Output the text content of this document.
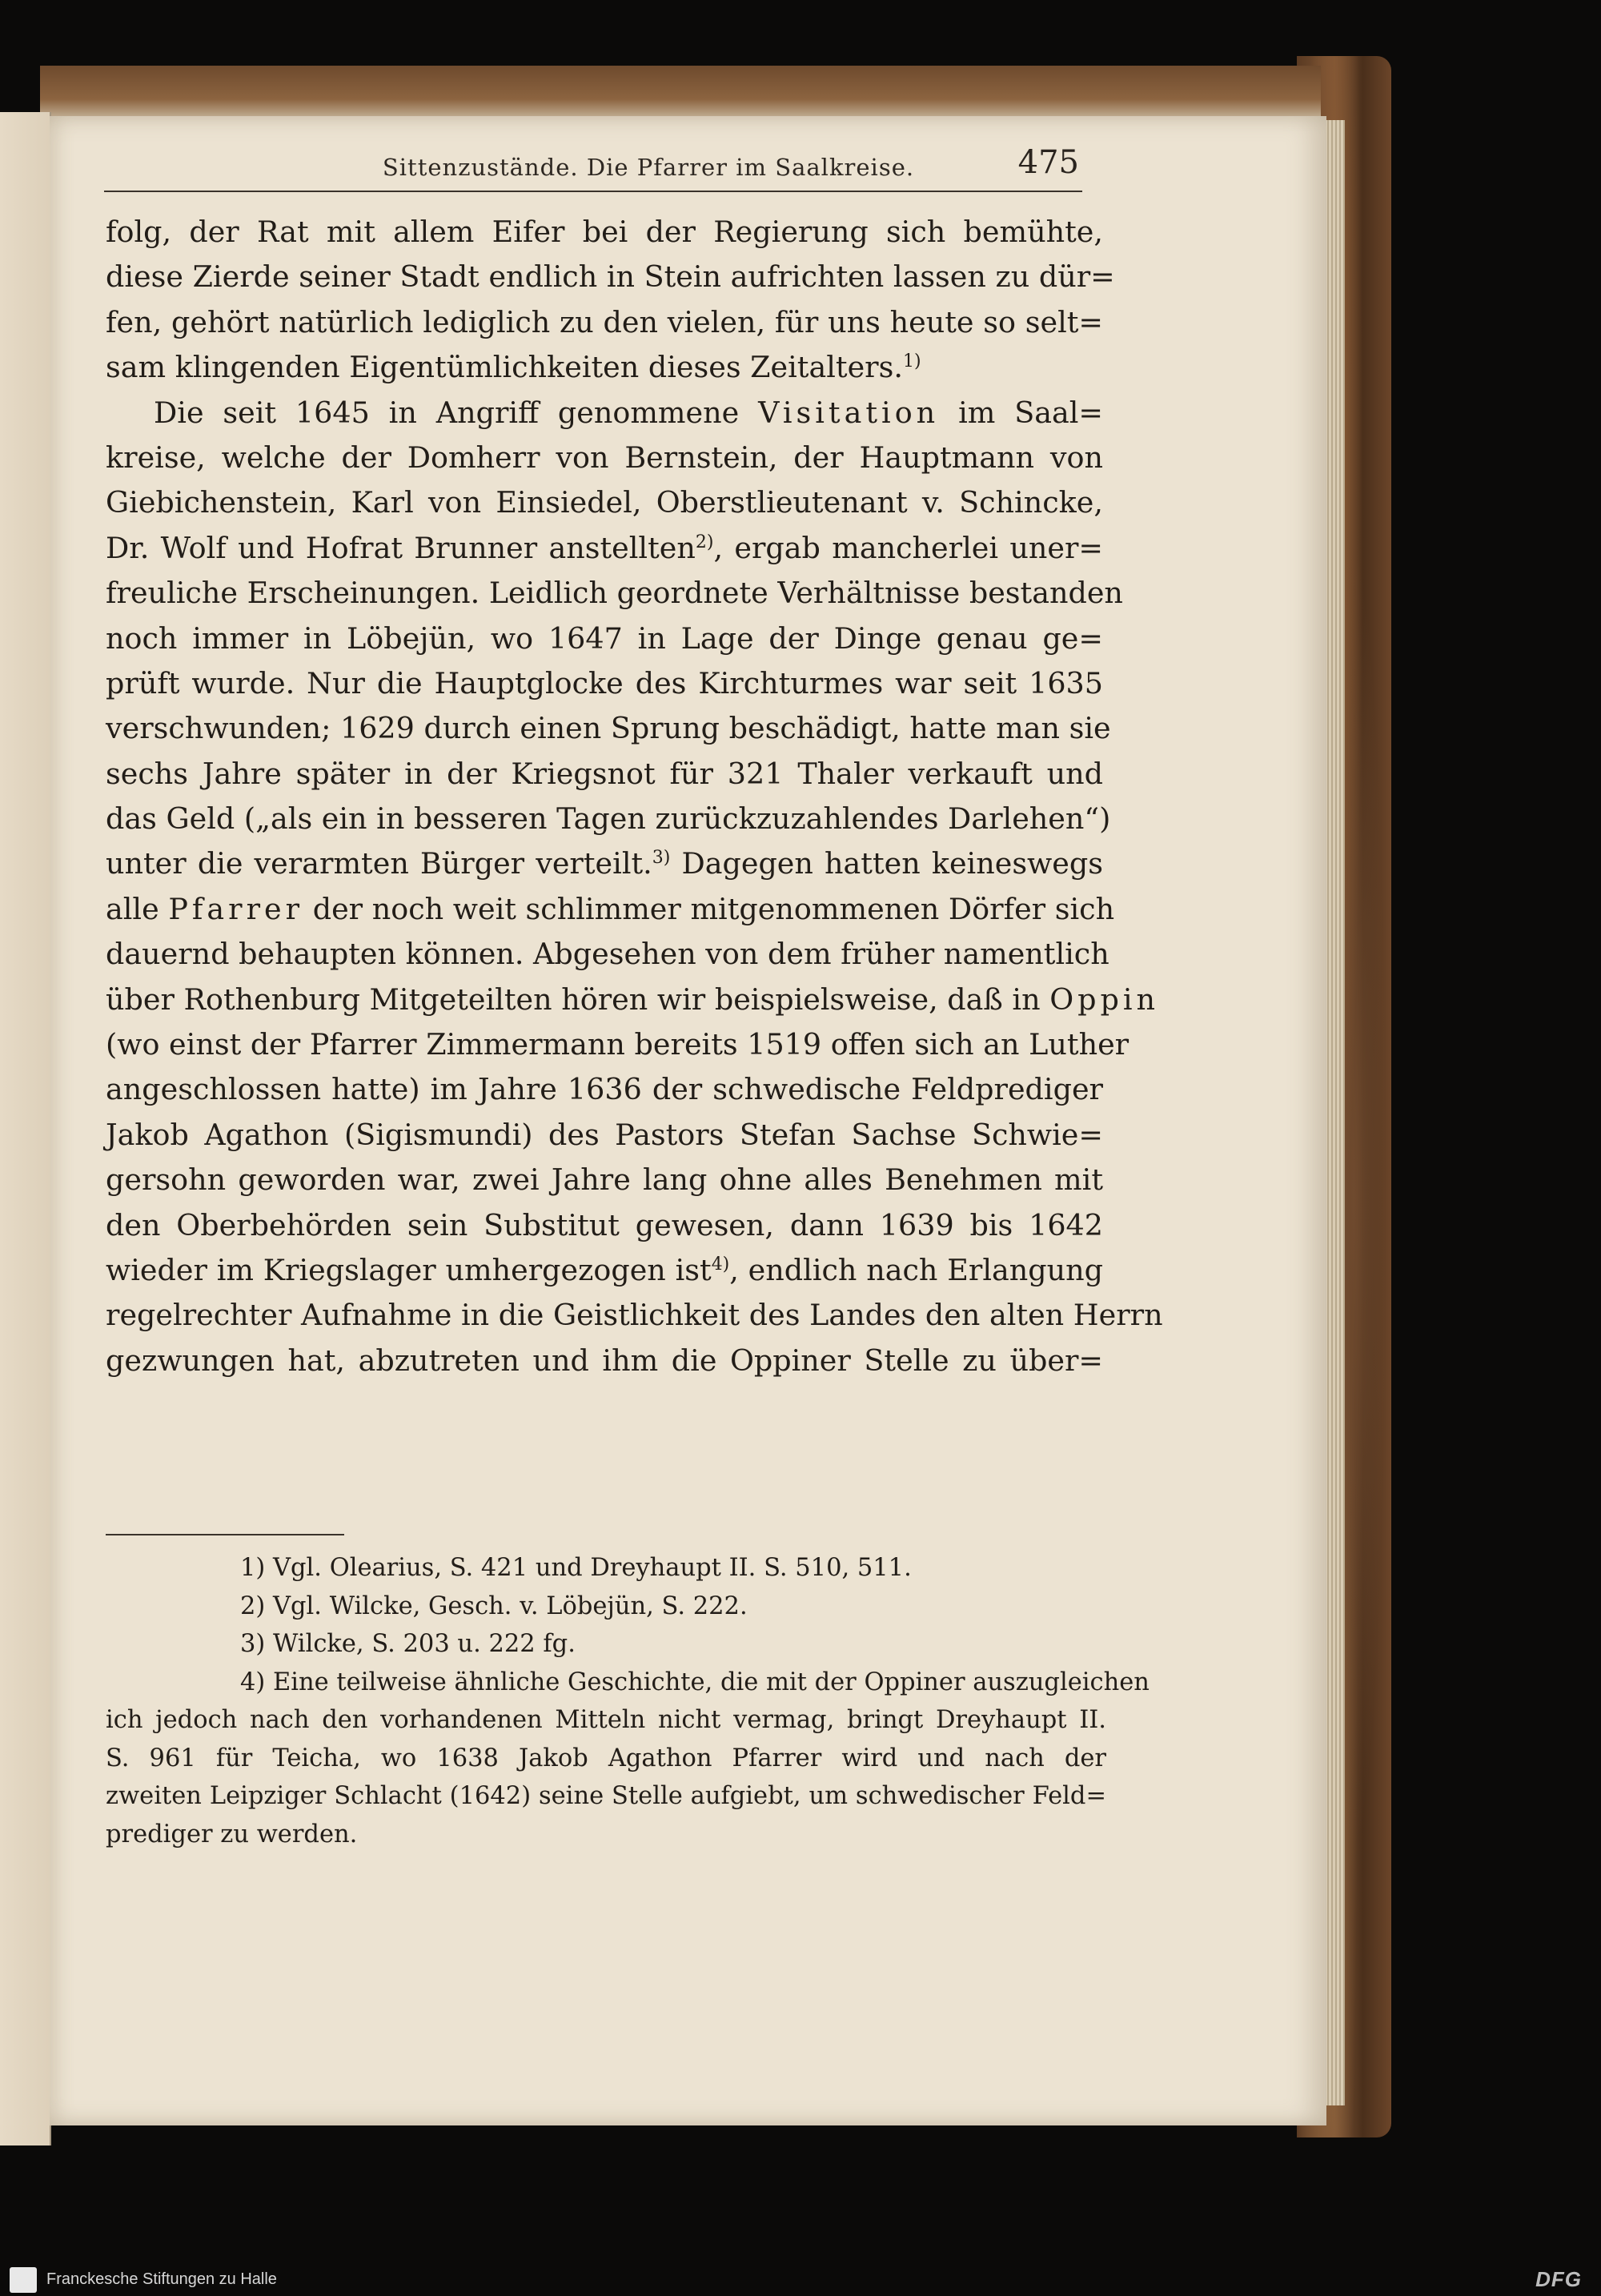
Sittenzustände. Die Pfarrer im Saalkreise.	475
folg, der Rat mit allem Eifer bei der Regierung sich bemühte,
diese Zierde seiner Stadt endlich in Stein aufrichten lassen zu dür=
fen, gehört natürlich lediglich zu den vielen, für uns heute so selt=
sam klingenden Eigentümlichkeiten dieses Zeitalters.$^{1)}$
Die seit 1645 in Angriff genommene Visitation im Saal=
kreise, welche der Domherr von Bernstein, der Hauptmann von
Giebichenstein, Karl von Einsiedel, Oberstlieutenant v. Schincke,
Dr. Wolf und Hofrat Brunner anstellten$^{2)}$, ergab mancherlei uner=
freuliche Erscheinungen. Leidlich geordnete Verhältnisse bestanden
noch immer in Löbejün, wo 1647 in Lage der Dinge genau ge=
prüft wurde. Nur die Hauptglocke des Kirchturmes war seit 1635
verschwunden; 1629 durch einen Sprung beschädigt, hatte man sie
sechs Jahre später in der Kriegsnot für 321 Thaler verkauft und
das Geld („als ein in besseren Tagen zurückzuzahlendes Darlehen“)
unter die verarmten Bürger verteilt.$^{3)}$ Dagegen hatten keineswegs
alle Pfarrer der noch weit schlimmer mitgenommenen Dörfer sich
dauernd behaupten können. Abgesehen von dem früher namentlich
über Rothenburg Mitgeteilten hören wir beispielsweise, daß in Oppin
(wo einst der Pfarrer Zimmermann bereits 1519 offen sich an Luther
angeschlossen hatte) im Jahre 1636 der schwedische Feldprediger
Jakob Agathon (Sigismundi) des Pastors Stefan Sachse Schwie=
gersohn geworden war, zwei Jahre lang ohne alles Benehmen mit
den Oberbehörden sein Substitut gewesen, dann 1639 bis 1642
wieder im Kriegslager umhergezogen ist$^{4)}$, endlich nach Erlangung
regelrechter Aufnahme in die Geistlichkeit des Landes den alten Herrn
gezwungen hat, abzutreten und ihm die Oppiner Stelle zu über=
1) Vgl. Olearius, S. 421 und Dreyhaupt II. S. 510, 511.
2) Vgl. Wilcke, Gesch. v. Löbejün, S. 222.
3) Wilcke, S. 203 u. 222 fg.
4) Eine teilweise ähnliche Geschichte, die mit der Oppiner auszugleichen
ich jedoch nach den vorhandenen Mitteln nicht vermag, bringt Dreyhaupt II.
S. 961 für Teicha, wo 1638 Jakob Agathon Pfarrer wird und nach der
zweiten Leipziger Schlacht (1642) seine Stelle aufgiebt, um schwedischer Feld=
prediger zu werden.
Franckesche Stiftungen zu Halle	DFG
